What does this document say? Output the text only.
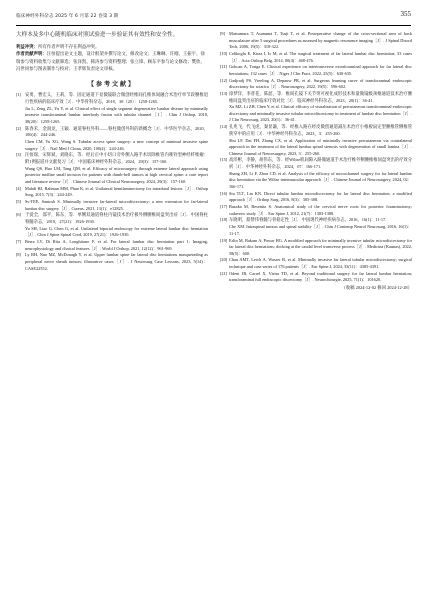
临床神经外科杂志 2025 年 6 月第 22 卷第 3 期	355

大样本及多中心随机临床对照试验进一步验证其有效性和安全性。

利益冲突：所有作者声明不存在利益冲突。

作者贡献声明：汪恒提出论文主题，设计框架并撰写论文，修改论文；王琳琳、许刚、王振宇、徐瑞参与资料收集与文献筛选；张泽凯、韩涛参与资料整理；张立锋、顾东平参与论文修改；樊欣、冯世同参与图表制作与校对；王孝辉负责论文审核。

【参考文献】
[1] 安勇，曹宏义，王莉，等．固定通道下显微镜联合微创经椎间孔椎体间融合术治疗单节段腰椎退行性疾病的临床疗效［J］．中华骨科杂志，2018，38（20）：1258-1265.
Jiu L, Zeng ZL, Yu Y, et al. Clinical effect of single segment degenerative lumbar disease by minimally invasive transforaminal lumbar interbody fusion with tubular channel［J］. Chin J Orthop, 2018, 38(20)：1258-1265.
[2] 陈春禾，金润龙，王颖．通道脊柱外科——脊柱微创外科的新概念［J］．中华医学杂志，2020，100(4)：244-246.
Chen CM, Yu XG, Wang S. Tubular access spine surgery: a new concept of minimal invasive spine surgery［J］. Natl Med J China, 2020, 100(4)：244-246.
[3] 汪恒琛，宋辉斌，刘晓东，等．经后正中小切口旁外侧入路手术切除椎管内哑铃型神经纤维瘤：附1例报道并文献复习［J］．中国临床神经外科杂志，2024，29(3)：157-160.
Wang QS, Huo LM, Tang QM, et al. Efficacy of microsurgery through extreme lateral approach using posterior midline small incision for patients with dumb-bell tumors at high cervical spine: a case report and literature review［J］. Chinese Journal of Clinical Neurosurgery, 2024, 29(3)：157-160.
[4] Mahdi HJ, Rahman MM, Phan K, et al. Unilateral hemilaminectomy for intradural lesions［J］. Orthop Surg, 2015, 7(3)：244-249.
[5] Ss-TEE, Santosh S. Minimally invasive far-lateral microdiscectomy: a new extension for far-lateral lumbar disc surgery［J］. Cureus, 2021, 13(1)：e12825.
[6] 于爱全，邵平，陈东，等．单侧双通道脊柱内镜技术治疗极外侧腰椎间盘突出症［J］．中国脊柱脊髓杂志，2019，27(21)：1926-1930.
Yu SH, Liao G, Chen G, et al. Unilateral biportal endoscopy for extreme lateral lumbar disc herniation［J］. Chin J Spine Spinal Cord, 2019, 27(21)：1926-1930.
[7] Berra LV, Di Rita A, Longhitano F, et al. Far lateral lumbar disc herniation part 1: Imaging, neurophysiology and clinical features［J］. World J Orthop, 2021, 12(12)：961-969.
[8] Ly RH, Nuo MZ, McDonagh Y, et al. Upper lumbar spine far lateral disc herniations masquerading as peripheral nerve sheath tumors; illustrative cases［J］. J Neurosurg Case Lessons, 2023, 5(14)：CASE22552.
[9] Matsumura T, Asanuma T, Tsuji T, et al. Postoperative change of the cross-sectional area of back musculature after 5 surgical procedures as assessed by magnetic resonance imaging［J］. J Spinal Disord Tech, 2006, 19(5)：318-322.
[10] Celikoglu E, Kiraz I, Is M, et al. The surgical treatment of far lateral lumbar disc herniation; 33 cases［J］. Acta Orthop Belg, 2014, 80(4)：468-476.
[11] Gokcan A, Tonga E. Clinical experience on intertransverse extraforaminal approach for far lateral disc herniations; 132 cases［J］. Niger J Clin Pract, 2022, 25(5)：630-635.
[12] Gadjradj PS, Vreeling A, Depauw PR, et al. Surgeons learning curve of transforaminal endoscopic discectomy for sciatica［J］. Neurosurgery, 2022, 19(5)：596-602.
[13] 徐梦洋，李普花，陈韶，等．椎间孔镜下关节突可视化成形技术和量微镜级颈椎通道技术治疗腰椎间盘突出症的临床疗效对比［J］．临床神经外科杂志，2023，20(1)：36-41.
Xu MZ, Li ZH, Chen Y, et al. Clinical efficacy of visualization of percutaneous transforaminal endoscopic discectomy and minimally invasive tubular microdiscectomy in treatment of lumbar disc herniation［J］. J Clin Neurosurg, 2023, 20(1)：36-41.
[14] 孔兆飞，代飞虎，秦显谦，等．经椎入路在经皮微创通道减压术治疗小椎板扇定型腰椎管侧椎管狭窄中的应用［J］．中华神经外科杂志，2023，3：255-260.
Shu LF, Dai FH, Zhang CX, et al. Application of minimally invasive percutaneous via contralateral approach in the treatment of the lateral lumbar spinal stenosis with degeneration of small lamina［J］. Chinese Journal of Neurosurgery, 2023, 3：255-260.
[15] 高洋彬，李静，胡伟东，等．经Wiltse肌间隙入路微通道手术治疗椎外侧腰椎椎间盘突出的疗效分析［J］．中华神经外科杂志，2024，07：166-171.
Shang ZH, Li F, Zhou CD, et al. Analysis of the efficacy of microchannel surgery for far lateral lumbar disc herniation via the Wiltse intermuscular approach［J］. Chinese Journal of Neurosurgery, 2024, 02：166-171.
[16] Siu TLT, Lin KN. Direct tubular lumbar microdiscectomy for far lateral disc herniation; a modified approach［J］. Orthop Surg, 2016, 8(3)：305-308.
[17] Bazaka M, Besenitz S. Anatomical study of the cervical nerve roots for posterior foraminotomy; cadaveric study［J］. Eur Spine J, 2012, 21(7)：1383-1388.
[18] 车晓明，蔡赞伟脊髓与骨稳定性［J］．中国现代神经疾病杂志，2016，16(1)：11-17.
Che XM. Intraspinal tumors and spinal stability［J］. Chin J Contemp Neurol Neurosurg, 2016, 16(1)：11-17.
[19] Erlin M, Bakam A, Pawar HG. A modified approach for minimally invasive tubular microdiscectomy for far lateral disc herniations; docking at the caudal level transverse process［J］. Medicina (Kaunas), 2022, 58(5)：600.
[20] Chau AMT, Lerch A, Wasser B, et al. Minimally invasive far lateral tubular microdiscectomy; surgical technique and case series of 176 patients［J］. Eur Spine J, 2024, 33(11)：4385-4391.
[21] Odeni JB, Carrel X, Vieira TD, et al. Beyond traditional surgery for far lateral lumbar herniation; transforaminal full endoscopic discectomy［J］. Neurochirurgie, 2025, 71(1)：101620.
（收稿 2024-12-02 修回 2024-12-28）
